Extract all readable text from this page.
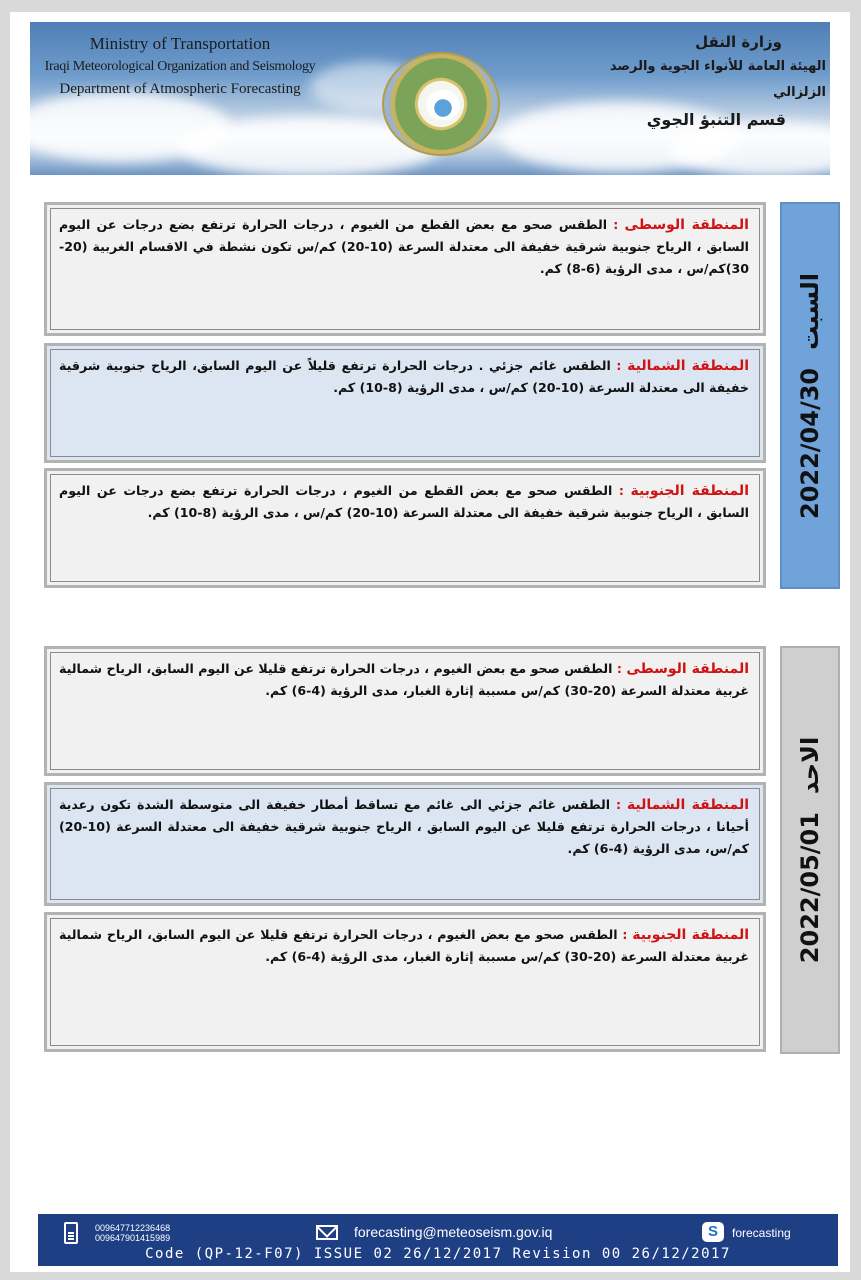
Ministry of Transportation
Iraqi Meteorological Organization and Seismology
Department of Atmospheric Forecasting
وزارة النقل
الهيئة العامة للأنواء الجوية والرصد الزلزالي
قسم التنبؤ الجوي
المنطقة الوسطى : الطقس صحو مع بعض القطع من الغيوم ، درجات الحرارة ترتفع بضع درجات عن اليوم السابق ، الرياح جنوبية شرقية خفيفة الى معتدلة السرعة (10-20) كم/س تكون نشطة في الاقسام الغربية (20-30)كم/س ، مدى الرؤية (6-8) كم.
المنطقة الشمالية : الطقس غائم جزئي . درجات الحرارة ترتفع قليلاً عن اليوم السابق، الرياح جنوبية شرقية خفيفة الى معتدلة السرعة (10-20) كم/س ، مدى الرؤية (8-10) كم.
المنطقة الجنوبية : الطقس صحو مع بعض القطع من الغيوم ، درجات الحرارة ترتفع بضع درجات عن اليوم السابق ، الرياح جنوبية شرقية خفيفة الى معتدلة السرعة (10-20) كم/س ، مدى الرؤية (8-10) كم.	2022/04/30
السبت
المنطقة الوسطى : الطقس صحو مع بعض الغيوم ، درجات الحرارة ترتفع قليلا عن اليوم السابق، الرياح شمالية غربية معتدلة السرعة (20-30) كم/س مسببة إثارة الغبار، مدى الرؤية (4-6) كم.
المنطقة الشمالية : الطقس غائم جزئي الى غائم مع تساقط أمطار خفيفة الى متوسطة الشدة تكون رعدية أحيانا ، درجات الحرارة ترتفع قليلا عن اليوم السابق ، الرياح جنوبية شرقية خفيفة الى معتدلة السرعة (10-20) كم/س، مدى الرؤية (4-6) كم.
المنطقة الجنوبية : الطقس صحو مع بعض الغيوم ، درجات الحرارة ترتفع قليلا عن اليوم السابق، الرياح شمالية غربية معتدلة السرعة (20-30) كم/س مسببة إثارة الغبار، مدى الرؤية (4-6) كم.	2022/05/01
الاحد
009647712236468
009647901415989	forecasting@meteoseism.gov.iq	S	forecasting
Code (QP-12-F07) ISSUE 02 26/12/2017 Revision 00 26/12/2017
